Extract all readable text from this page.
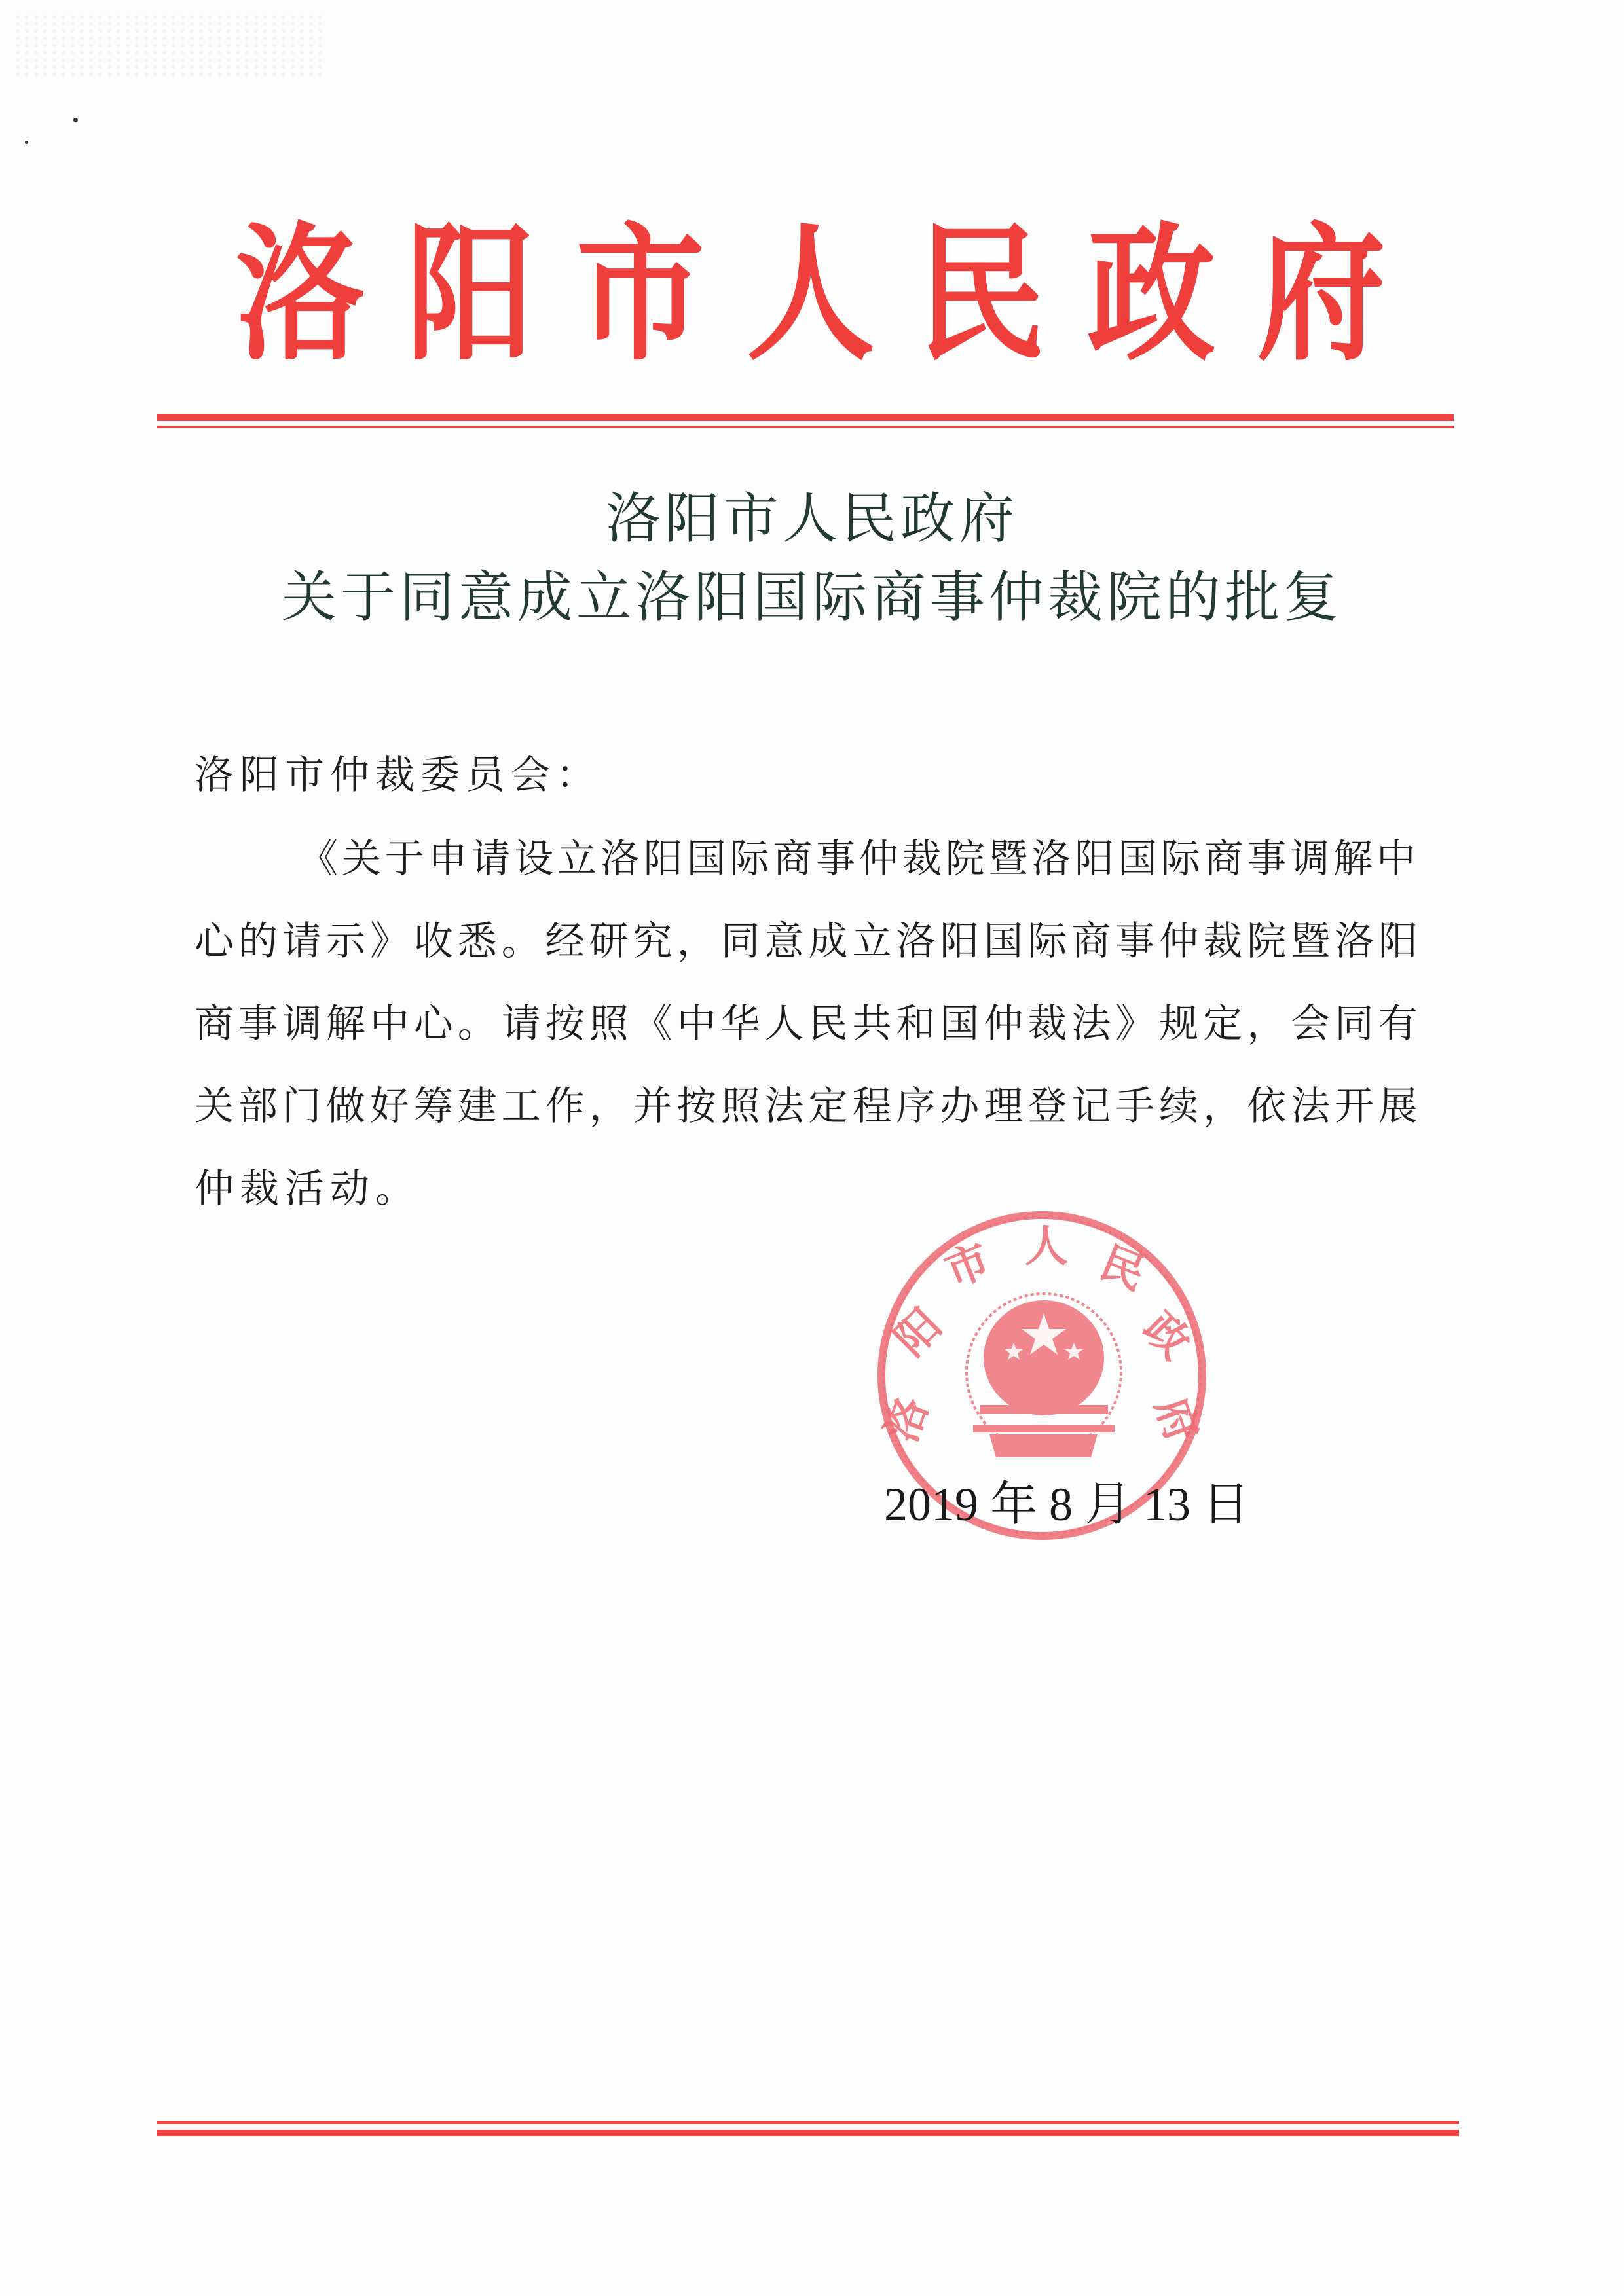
洛 阳 市 人 民 政 府
洛阳市人民政府
关于同意成立洛阳国际商事仲裁院的批复
洛阳市仲裁委员会：
《关于申请设立洛阳国际商事仲裁院暨洛阳国际商事调解中
心的请示》收悉。经研究，同意成立洛阳国际商事仲裁院暨洛阳
商事调解中心。请按照《中华人民共和国仲裁法》规定，会同有
关部门做好筹建工作，并按照法定程序办理登记手续，依法开展
仲裁活动。
洛
阳
市 人 民
政
府
2019 年 8 月 13 日
